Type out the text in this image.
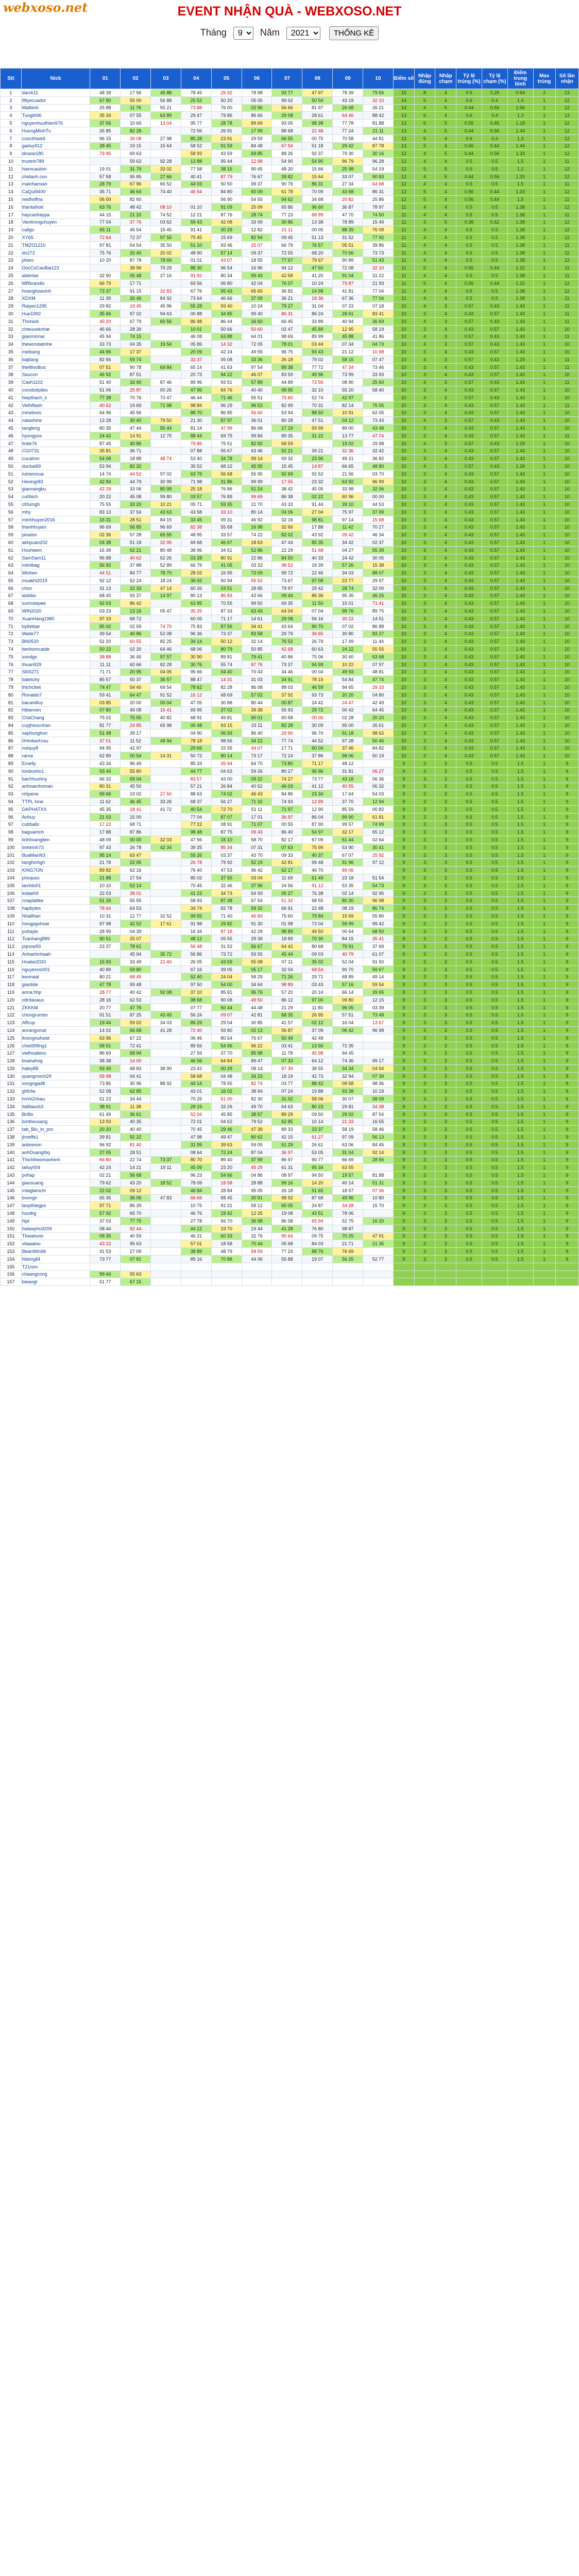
webxoso.net	EVENT NHẬN QUÀ - WEBXOSO.NET
Tháng
9	Năm
2021	THỐNG KÊ
Stt	Nick	01	02	03	04	05	06	07	08	09	10	Điểm số	Nhập đúng	Nhập chạm	Tỷ lệ trúng (%)	Tỷ lệ chạm (%)	Điểm trung bình	Max trúng	Số lần nhận
1	darck11	48 39	17 56	45 88	78 45	25 92	78 98	93 77	47 97	78 39	79 55	15	8	4	0.5	0.25	0.94	2	13
2	fiftyecuador	67 80	55 00	56 88	25 52	50 20	05 05	99 02	50 54	43 19	32 10	14	6	4	0.6	0.4	1.4	1	12
3	Matbinh	25 88	11 76	55 21	73 88	76 00	02 96	56 66	81 97	26 68	26 21	14	4	5	0.44	0.56	1.56	1	12
4	Tungth96	35 34	07 55	63 89	29 47	79 86	86 66	29 08	28 61	64 46	88 42	13	6	4	0.6	0.4	1.3	1	13
5	nguyenhuuthien976	37 56	10 69	13 04	95 77	28 78	89 69	93 05	98 38	77 78	81 88	13	6	5	0.55	0.45	1.18	1	12
6	HuongMinhTu	26 85	82 28		72 56	26 91	17 99	88 68	22 48	77 24	21 11	13	4	5	0.44	0.56	1.44	1	12
7	cuocthiwed	96 15	26 08	27 98	85 28	23 91	29 59	66 55	00 75	70 58	44 81	13	6	4	0.6	0.4	1.3	1	12
8	gaduy912	28 45	19 15	15 64	58 52	91 59	84 48	67 94	51 18	29 42	87 78	13	5	4	0.56	0.44	1.44	1	12
9	dinase180	79 95	69 63		58 93	43 59	69 85	88 26	92 37	79 30	30 16	12	4	5	0.44	0.56	1.33	1	12
10	truotnh789		59 63	92 28	13 88	95 44	12 98	54 90	54 90	96 79	96 28	12	4	4	0.5	0.5	1.5	1	11
11	hiemcaulion	19 01	31 79	33 02	77 58	38 15	90 65	48 20	15 66	25 98	54 19	12	5	5	0.5	0.5	1.2	1	12
12	chidanh.con	57 58	95 85	27 66	40 41	87 79	76 67	39 82	15 64	33 07	90 83	12	4	5	0.44	0.56	1.33	1	12
13	mainhanvan	28 79	67 96	66 52	44 03	50 50	99 37	90 79	86 31	27 34	64 68	12	4	4	0.5	0.5	1.5	1	11
14	CaQui9400	35 71	46 64	74 40	46 54	84 80	60 09	61 78	70 09	43 68	86 31	12	5	4	0.56	0.44	1.33	1	12
15	nedhoffna	06 00	82 60			56 90	54 55	94 62	34 68	20 82	25 86	12	5	4	0.56	0.44	1.5	1	11
16	thantaihoti	63 76	48 42	08 10	01 10	91 09	25 09	65 86	96 60	36 87	78 97	11	4	4	0.5	0.5	1.38	1	12
17	haycaohaypa	44 15	21 10	74 52	12 21	87 76	28 74	77 23	68 99	47 70	74 50	11	4	4	0.5	0.5	1.38	1	11
18	Vamtrongchuyen	77 04	37 76	03 62	59 43	42 08	33 99	30 86	13 38	78 89	15 49	11	3	5	0.38	0.62	1.38	1	12
19	callgo	65 11	45 54	15 45	91 41	30 29	12 82	21 11	00 05	88 39	76 09	11	4	4	0.5	0.5	1.38	1	12
20	XY65	72 64	72 37	97 55	79 45	15 69	82 94	09 45	51 13	31 52	77 92	11	4	4	0.5	0.5	1.38	1	12
21	TMZO1210	97 81	54 54	35 50	51 10	93 46	25 07	66 79	76 57	05 51	39 86	11	4	4	0.5	0.5	1.38	1	11
22	dn272	75 76	20 40	20 02	48 90	57 14	09 37	72 55	68 20	70 56	73 73	11	4	4	0.5	0.5	1.38	1	11
23	pharo	10 20	87 78	78 69	01 01	43 07	18 55	77 67	79 67	90 89	51 43	11	4	4	0.5	0.5	1.38	1	12
24	DocCoCauBai123		38 96	79 29	88 30	96 54	16 96	94 12	47 50	72 08	32 10	11	5	4	0.56	0.44	1.22	1	11
25	abiertas	32 90	05 48	27 16	91 92	80 34	99 43	42 58	41 20	91 04	31 22	11	4	4	0.5	0.5	1.38	1	11
26	MRbrandis	66 79	17 71		69 56	06 80	42 04	76 07	10 24	79 87	21 93	11	5	4	0.56	0.44	1.22	1	12
27	hoanghoavinh	73 37	91 15	32 83	67 76	95 43	65 65	36 82	14 98	41 81	77 04	11	4	4	0.5	0.5	1.38	1	12
28	XDXM	11 39	26 46	84 92	73 64	46 66	37 09	36 21	18 36	67 36	77 04	11	4	4	0.5	0.5	1.38	1	11
29	Raiyen1295	29 82	19 45	45 96	55 28	93 40	10 24	79 27	31 04	07 23	07 18	10	4	3	0.57	0.43	1.43	1	11
30	Hue1992	35 66	97 02	94 63	00 88	34 85	99 40	86 31	86 24	28 61	83 41	10	3	4	0.43	0.57	1.43	1	11
31	Thoniob	45 20	67 79	60 56	86 98	86 44	34 60	66 45	33 89	40 94	36 69	10	4	3	0.57	0.43	1.43	1	11
32	chieuunknhat	46 66	28 39		10 01	50 66	50 60	02 47	45 89	12 95	58 19	10	3	4	0.43	0.57	1.43	1	10
33	giaominnai	45 94	74 15		46 08	63 88	64 01	98 69	89 99	45 88	41 86	10	4	3	0.57	0.43	1.43	1	11
34	thewondatinhe	33 73	04 35	19 54	05 86	14 32	72 05	78 01	03 44	07 34	04 73	10	4	3	0.57	0.43	1.43	1	10
35	meibang	44 96	17 37		20 09	42 24	49 55	96 75	93 43	21 12	10 98	10	3	4	0.43	0.57	1.43	1	10
36	bajtlang	82 56	59 74		32 37	05 08	33 36	26 18	79 02	58 15	07 47	10	4	3	0.57	0.43	1.29	1	11
37	thelitlvolbuc	07 51	90 78	64 84	65 14	41 63	97 54	89 38	77 72	47 34	73 46	10	3	4	0.43	0.57	1.43	1	11
38	Saucon	46 92	87 51		20 73	94 22	46 07	83 59	49 96	73 99	33 93	10	3	4	0.43	0.57	1.43	1	10
39	Cash1102	51 40	16 40	87 46	89 96	93 51	57 89	44 89	72 56	08 90	25 60	10	4	3	0.57	0.43	1.43	1	11
40	conxbotpiles	51 06	25 87	00 26	47 95	84 76	40 40	99 95	32 10	55 20	58 40	10	3	4	0.43	0.57	1.43	1	10
41	hiepthach_ii	77 38	70 76	70 47	46 44	71 46	55 51	75 60	52 74	42 97		10	4	3	0.57	0.43	1.43	1	10
42	Vethiflash	40 62	19 69	71 98	98 84	96 29	96 53	82 99	70 31	82 14	75 55	10	3	4	0.43	0.57	1.43	1	11
43	minelovis	64 96	45 56		88 70	86 85	56 60	53 94	88 50	10 91	62 05	10	3	4	0.43	0.57	1.43	1	10
44	nalashine	13 28	30 40	79 50	21 30	87 97	36 01	80 28	47 51	04 12	73 43	10	4	3	0.57	0.43	1.43	1	10
45	tangleng	80 35	47 44	55 44	81 14	47 99	86 68	17 19	59 99	89 00	43 48	10	3	4	0.43	0.57	1.43	1	10
46	hyongyos	24 42	14 91	12 75	88 44	69 75	99 84	89 35	31 22	13 77	47 74	10	3	4	0.43	0.57	1.43	1	11
47	tintie76	87 45	40 86		79 86	75 51	82 92	68 59		19 02	29 98	10	4	3	0.57	0.43	1.29	1	10
48	CG0731	35 81	36 71		07 88	55 67	63 46	52 21	39 21	32 36	32 42	10	3	4	0.43	0.57	1.43	1	10
49	cucalron	54 08	18 88	48 74	53 40	34 78	99 14	69 32	23 96	49 21	36 82	10	3	4	0.43	0.57	1.43	1	10
50	ducbai99	53 94	82 32		35 52	68 22	45 95	15 45	14 87	66 65	48 80	10	4	3	0.57	0.43	1.29	1	10
51	tuinemnua	14 74	44 52	97 02	63 79	56 68	55 95	92 69	92 52	21 56	03 70	10	3	4	0.43	0.57	1.43	1	10
52	Hevingr83	42 84	44 79	30 99	71 98	31 86	99 99	17 55	23 32	63 92	96 99	10	3	4	0.43	0.57	1.43	1	10
53	giaovangbu	42 29	33 06	80 99	25 18	76 86	51 24	38 42	45 05	33 98	32 06	10	3	4	0.43	0.57	1.43	1	10
54	cu0bich	20 22	45 08	99 80	03 57	76 89	99 69	86 38	02 22	60 96	00 00	10	3	4	0.43	0.57	1.43	1	10
55	ct0umgh	75 55	33 20	10 21	05 71	59 35	21 70	43 33	91 44	39 10	44 53	10	3	4	0.43	0.57	1.43	1	10
56	mhy	83 13	37 54	43 63	43 58	33 10	80 14	04 06	27 04	75 97	37 99	10	3	4	0.43	0.57	1.43	1	10
57	minhhuyen2016	16 31	28 51	84 15	33 45	05 31	46 92	32 16	98 81	97 14	15 68	10	3	4	0.43	0.57	1.43	1	10
58	thanhhuyen	96 69	56 85	96 69	82 38	55 68	16 98	32 66	17 88	11 42	70 27	10	3	4	0.43	0.57	1.43	1	10
59	pinaiso	02 36	57 28	65 55	48 95	33 57	74 22	82 02	43 92	09 42	46 34	10	3	4	0.43	0.57	1.43	1	10
60	akhpuan202	04 38	51 18	32 95	69 68	46 67	18 63	47 44	85 35	34 42	02 37	10	3	4	0.43	0.57	1.43	1	10
61	Hoxheem	16 39	62 21	80 48	38 96	34 51	52 86	22 29	51 68	04 27	55 39	10	3	4	0.43	0.57	1.43	1	10
62	SamSam11	96 88	40 62	62 26	03 28	80 91	22 86	84 50	40 33	24 42	30 05	10	3	4	0.43	0.57	1.43	1	10
63	mimibag	56 92	37 88	52 89	66 79	41 05	03 33	98 52	18 39	57 26	15 38	10	3	4	0.43	0.57	1.43	1	10
64	Minhen	44 51	84 77	78 70	28 02	16 95	73 09	99 72	22 46	34 03	88 07	10	3	4	0.43	0.57	1.43	1	10
65	muakhi2019	92 12	52 24	18 24	36 92	50 94	55 52	73 67	97 08	23 77	29 97	10	3	4	0.43	0.57	1.43	1	10
66	chon	31 13	22 33	47 14	60 26	24 51	28 85	79 97	29 42	28 74	32 00	10	3	4	0.43	0.57	1.43	1	10
67	alobbo	68 40	93 37	14 97	80 13	86 83	43 66	09 44	86 36	95 35	46 25	10	3	4	0.43	0.57	1.43	1	10
68	surinslepee	92 03	86 42		63 95	70 55	99 50	69 35	11 50	15 01	71 41	10	3	4	0.43	0.57	1.43	1	10
69	WIN2020	03 23	13 16	05 47	35 25	87 33	63 43	64 04	07 04	98 76	89 75	10	3	4	0.43	0.57	1.43	1	10
70	XuanHang1980	97 19	68 72		60 05	71 17	14 61	29 08	56 16	30 22	14 51	10	3	4	0.43	0.57	1.43	1	10
71	byttettae	85 02	02 59	74 70	75 83	87 56	34 41	43 64	80 70	07 02	86 88	10	3	4	0.43	0.57	1.43	1	10
72	Waite77	39 54	40 86	52 08	96 36	73 37	83 58	29 79	36 65	30 80	83 27	10	3	4	0.43	0.57	1.43	1	10
73	BN0520	51 20	60 55	82 25	34 14	50 12	32 14	76 52	26 79	17 49	11 44	10	3	4	0.43	0.57	1.43	1	10
74	tienhomcaide	50 22	02 20	64 46	68 06	80 79	50 85	42 68	60 63	24 22	55 55	10	3	4	0.43	0.57	1.43	1	10
75	sondgs	38 88	36 45	97 57	30 90	89 81	79 41	40 86	75 06	30 40	63 68	10	3	4	0.43	0.57	1.43	1	10
76	thuan929	11 11	60 66	82 28	30 76	55 74	87 76	73 37	94 99	10 22	07 97	10	3	4	0.43	0.57	1.43	1	10
77	Sl00271	71 71	20 95	04 05	95 66	04 40	70 43	34 46	00 04	49 93	48 81	10	3	4	0.43	0.57	1.43	1	10
78	baletuhy	85 57	50 37	36 57	88 47	14 31	31 03	34 91	78 15	54 84	47 74	10	3	4	0.43	0.57	1.43	1	10
79	thichcliwt	74 47	54 40	69 54	78 62	82 28	86 08	88 03	46 59	94 65	29 33	10	3	4	0.43	0.57	1.43	1	10
80	Ronaldo7	59 41	64 47	91 52	16 12	68 69	57 02	37 92	93 73	20 20	04 80	10	3	4	0.43	0.57	1.43	1	10
81	bacaniifuy	03 85	20 00	00 04	47 05	30 88	80 44	00 87	24 42	24 47	42 49	10	3	4	0.43	0.57	1.43	1	10
82	htbanven	07 80	49 08	15 41	69 95	37 02	39 38	55 93	29 72	00 42	64 45	10	3	4	0.43	0.57	1.43	1	10
83	ChaChang	75 02	75 55	40 82	68 91	49 81	90 01	60 58	00 00	02 28	20 20	10	3	4	0.43	0.57	1.43	1	10
84	cuyjhoucnhan	81 77	24 85	65 98	00 48	93 15	23 11	82 28	30 09	95 00	26 61	10	3	4	0.43	0.57	1.43	1	10
85	saphunghon	51 48	39 17		04 90	06 93	86 40	29 90	96 70	91 18	98 62	10	3	4	0.43	0.57	1.43	1	10
86	0HmbwXnsu	37 01	11 52	49 94	78 18	98 56	34 22	77 74	44 52	97 28	50 46	10	3	4	0.43	0.57	1.43	1	10
87	noiquy8	94 95	42 97		29 66	15 55	44 07	17 71	60 04	37 46	84 82	10	3	4	0.43	0.57	1.43	1	10
88	rarna	62 89	00 54	14 31	50 72	80 14	73 17	72 24	37 86	98 06	50 19	10	3	4	0.43	0.57	1.43	1	10
89	Emelly	43 34	96 49		85 33	39 94	64 70	73 80	71 17	48 12		9	3	3	0.5	0.5	1.5	1	9
90	tonbooho1	93 44	55 80		44 77	04 63	59 26	80 27	96 96	31 81	06 27	9	3	3	0.5	0.5	1.5	1	9
91	bachhuxhny	66 32	69 04		83 57	43 00	09 22	74 27	73 77	43 18	06 36	9	3	3	0.5	0.5	1.5	1	9
92	anhnamhoman	80 31	45 50		57 21	26 84	40 52	46 03	41 12	40 55	06 32	9	3	3	0.5	0.5	1.5	1	9
93	nhipene	99 66	19 02	27 50	88 63	74 02	46 43	84 86	23 34	17 64	54 03	9	3	3	0.5	0.5	1.5	1	9
94	TTPL.hine	11 62	46 45	33 26	68 37	56 27	71 32	74 93	12 99	37 70	12 94	9	3	3	0.5	0.5	1.5	1	9
95	DAPHATXX	45 35	18 41	41 72	40 54	72 70	51 11	71 97	12 90	85 59	00 82	9	3	3	0.5	0.5	1.5	1	9
96	Anhuy	21 03	15 00		77 04	87 07	17 01	36 97	86 04	99 90	61 81	9	3	3	0.5	0.5	1.5	1	9
97	cubballs	17 22	68 71		77 22	08 91	71 07	00 55	87 90	99 57	74 99	9	3	3	0.5	0.5	1.5	1	9
98	baguamnh	17 88	87 86		98 48	87 75	09 43	86 40	54 97	32 17	65 12	9	3	3	0.5	0.5	1.5	1	9
99	tinhhoanglien	48 09	00 00	32 03	47 56	15 10	58 70	82 17	67 09	61 44	02 64	9	3	3	0.5	0.5	1.5	1	9
100	tinhtrinh73	97 43	26 78	42 34	39 25	85 34	07 31	07 63	75 99	53 90	30 41	9	3	3	0.5	0.5	1.5	1	9
101	BuaManN3	95 14	63 47		55 26	03 37	43 70	09 33	40 37	67 07	25 92	9	3	3	0.5	0.5	1.5	1	9
102	tanghinhgh	21 78	22 95		26 78	79 92	52 19	42 81	99 48	91 96	97 12	9	3	3	0.5	0.5	1.5	1	9
103	KING7ON	89 82	62 16		76 40	47 53	96 42	62 17	46 70	89 06		9	3	3	0.5	0.5	1.5	1	9
104	phoquoc	21 88	27 54		85 02	37 55	03 04	11 69	61 49	23 18	51 54	9	3	3	0.5	0.5	1.5	1	9
105	lamhlo01	10 10	52 14		70 45	32 46	37 96	24 56	91 12	53 35	54 73	9	3	3	0.5	0.5	1.5	1	9
106	lodaeh9	22 03	38 01		41 23	34 73	64 93	05 27	76 38	02 14	92 95	9	3	3	0.5	0.5	1.5	1	9
107	nnaplattke	51 26	55 55		58 93	87 48	67 54	51 32	68 55	80 30	96 98	9	3	3	0.5	0.5	1.5	1	9
108	hapbytes	78 64	64 53		34 74	82 78	59 32	66 91	22 48	08 19	86 74	9	3	3	0.5	0.5	1.5	1	9
109	Nhatlhan	10 31	12 77	32 52	99 55	71 40	46 83	75 60	79 84	15 69	55 80	9	3	3	0.5	0.5	1.5	1	9
110	hongpgohoat	97 98	42 52	17 61	91 98	29 82	91 30	01 98	73 04	58 99	99 42	9	3	3	0.5	0.5	1.5	1	9
111	pvbayle	28 99	04 39		16 34	87 18	42 29	98 89	49 50	00 64	68 50	9	3	3	0.5	0.5	1.5	1	9
112	Tcanhang889	90 51	25 07		48 12	05 55	29 39	18 89	70 30	84 15	35 41	9	3	3	0.5	0.5	1.5	1	9
113	pqnow93	23 37	78 61		56 48	31 52	56 67	64 42	80 68	75 91	37 69	9	3	3	0.5	0.5	1.5	1	9
114	Anhanhnhaah		45 94	35 72	56 86	73 72	59 55	45 44	09 03	40 79	61 07	9	3	3	0.5	0.5	1.5	1	9
115	Hoabe2020	15 93	33 49	21 40	26 05	43 69	55 08	07 11	35 02	52 04	91 50	9	3	3	0.5	0.5	1.5	1	9
116	nguyenno001	40 89	59 80		67 16	39 05	05 17	32 04	68 54	90 70	59 67	9	3	3	0.5	0.5	1.5	1	9
117	kevinaal	80 21	68 45		52 40	24 04	58 29	71 26	29 71	68 89	49 14	9	3	3	0.5	0.5	1.5	1	9
118	gianbile	47 78	99 48		97 50	54 00	34 64	98 89	03 43	57 16	59 54	9	3	3	0.5	0.5	1.5	1	9
119	anna.hhp	28 77	40 42	92 08	37 10	85 91	96 76	57 20	20 14	66 14	39 65	9	3	3	0.5	0.5	1.5	1	9
120	ottrdaoaus	28 16	62 53		98 68	90 08	49 50	86 12	97 00	09 80	12 15	9	3	3	0.5	0.5	1.5	1	9
121	ZKKKM	20 77	47 76		07 77	50 44	44 48	21 29	11 80	96 05	03 39	9	3	3	0.5	0.5	1.5	1	9
122	chongrumbo	91 51	87 25	43 49	56 24	09 07	42 81	68 35	26 95	57 51	73 48	9	3	3	0.5	0.5	1.5	1	9
123	Affcup	19 44	59 02	34 03	89 29	29 04	30 85	41 57	02 12	16 04	13 67	9	3	3	0.5	0.5	1.5	1	9
124	anrangsmal	14 02	66 68	41 28	72 40	93 80	02 13	56 87	37 09	06 42	96 98	9	3	3	0.5	0.5	1.5	1	9
125	ltnongnuhsiet	63 96	67 22		06 46	80 64	76 67	50 49	42 48			9	3	3	0.5	0.5	1.5	1	9
126	chist999ng1	58 51	72 41		89 56	54 96	96 22	03 41	13 56	72 35		9	3	3	0.5	0.5	1.5	1	9
127	viethoalienc	86 69	58 94		27 93	37 70	85 98	11 78	45 98	94 45		9	3	3	0.5	0.5	1.5	1	9
128	bnahahog	38 38	14 00		46 56	64 84	89 47	07 33	64 12	74 36	99 17	9	3	3	0.5	0.5	1.5	1	9
129	haley88	93 49	68 83	38 90	23 42	00 29	08 14	97 39	38 55	34 34	04 94	9	3	3	0.5	0.5	1.5	1	9
130	quangmoch29	58 98	04 41		58 68	04 48	34 23	18 19	42 73	32 94	07 39	9	3	3	0.5	0.5	1.5	1	9
131	songngad8	73 85	30 96	88 92	44 14	78 55	82 74	03 77	88 42	09 58	98 36	9	3	3	0.5	0.5	1.5	1	9
132	ghfcfw	52 08	62 85		43 01	16 02	38 94	07 24	19 88	93 38	10 19	9	3	3	0.5	0.5	1.5	1	9
133	hmhi2nhau	51 22	34 44		70 25	51 00	82 30	31 02	58 06	30 07	98 09	9	3	3	0.5	0.5	1.5	1	9
134	ItaMaxx63	38 91	11 38		29 19	33 26	49 70	64 63	80 23	29 81	34 38	9	3	3	0.5	0.5	1.5	1	9
135	Brilllo	61 49	36 61		52 04	45 85	38 57	89 29	09 50	29 02	87 54	9	3	3	0.5	0.5	1.5	1	9
136	bmtheusang	13 93	40 35		72 01	04 62	79 52	62 85	10 14	21 33	16 55	9	3	3	0.5	0.5	1.5	1	9
137	tab_Blu_ln_pro	20 20	40 40		70 45	29 46	47 39	89 33	23 37	58 19	58 46	9	3	3	0.5	0.5	1.5	1	9
138	jhneffe1	39 81	92 22		47 98	49 47	80 62	42 15	61 27	97 09	56 13	9	3	3	0.5	0.5	1.5	1	9
139	anbrenon	96 92	81 40		31 95	39 63	59 05	51 29	26 61	63 06	84 45	9	3	3	0.5	0.5	1.5	1	9
140	anhDuangIbq	27 05	28 51		08 64	72 24	87 04	36 97	53 05	31 04	92 14	9	3	3	0.5	0.5	1.5	1	9
141	Thichtheomanhinh	66 80	22 74	73 37	80 70	89 40	37 99	86 97	90 77	66 69	28 56	9	3	3	0.5	0.5	1.5	1	9
142	lailuy004	42 24	14 21	19 11	45 09	23 20	45 29	61 31	95 34	63 55		9	3	3	0.5	0.5	1.5	1	9
143	pvhap	02 21	56 68		96 23	54 66	04 86	08 97	94 50	19 57	81 88	9	3	3	0.5	0.5	1.5	1	9
144	giaosuang	79 62	43 20	18 52	78 09	18 58	28 88	99 16	14 20	40 14	51 31	9	3	3	0.5	0.5	1.5	1	9
145	mtaglamchi	22 02	09 12		46 84	28 84	95 05	26 18	51 65	18 57	07 36	9	3	3	0.5	0.5	1.5	1	9
146	bvongn	65 35	36 06	47 83	66 66	58 45	30 91	98 92	87 68	49 96	10 80	9	3	3	0.5	0.5	1.5	1	9
147	lanpthiegpo	97 71	86 39		10 75	91 21	58 12	65 05	24 87	34 28	15 70	9	3	3	0.5	0.5	1.5	1	9
148	huutbg	57 92	65 70		46 76	19 42	12 25	19 08	43 51	78 06		9	3	3	0.5	0.5	1.5	1	9
149	Npt	37 03	77 75		27 78	56 70	36 98	86 08	65 94	52 75	16 20	9	3	3	0.5	0.5	1.5	1	9
150	hwlaxphu9209	08 44	92 44		44 12	19 70	19 44	41 28	76 80	98 87		9	3	3	0.5	0.5	1.5	1	9
151	Tbwatsoto	09 35	40 59		46 21	60 33	32 76	95 64	09 75	70 25	47 91	9	3	3	0.5	0.5	1.5	1	9
152	vitaaaloo	43 22	95 63		57 01	18 58	70 44	05 68	84 03	21 71	21 35	9	3	3	0.5	0.5	1.5	1	9
153	BeanWin96	41 53	27 09		38 89	48 79	58 59	77 24	88 76	76 69		9	3	3	0.5	0.5	1.5	1	9
154	hbkingll4	73 77	07 81		89 16	70 88	44 06	55 88	19 07	56 25	52 77	9	3	3	0.5	0.5	1.5	1	9
155	T21non																		
156	chaangcong	99 44	55 63																
157	bieangt	51 77	67 15																
